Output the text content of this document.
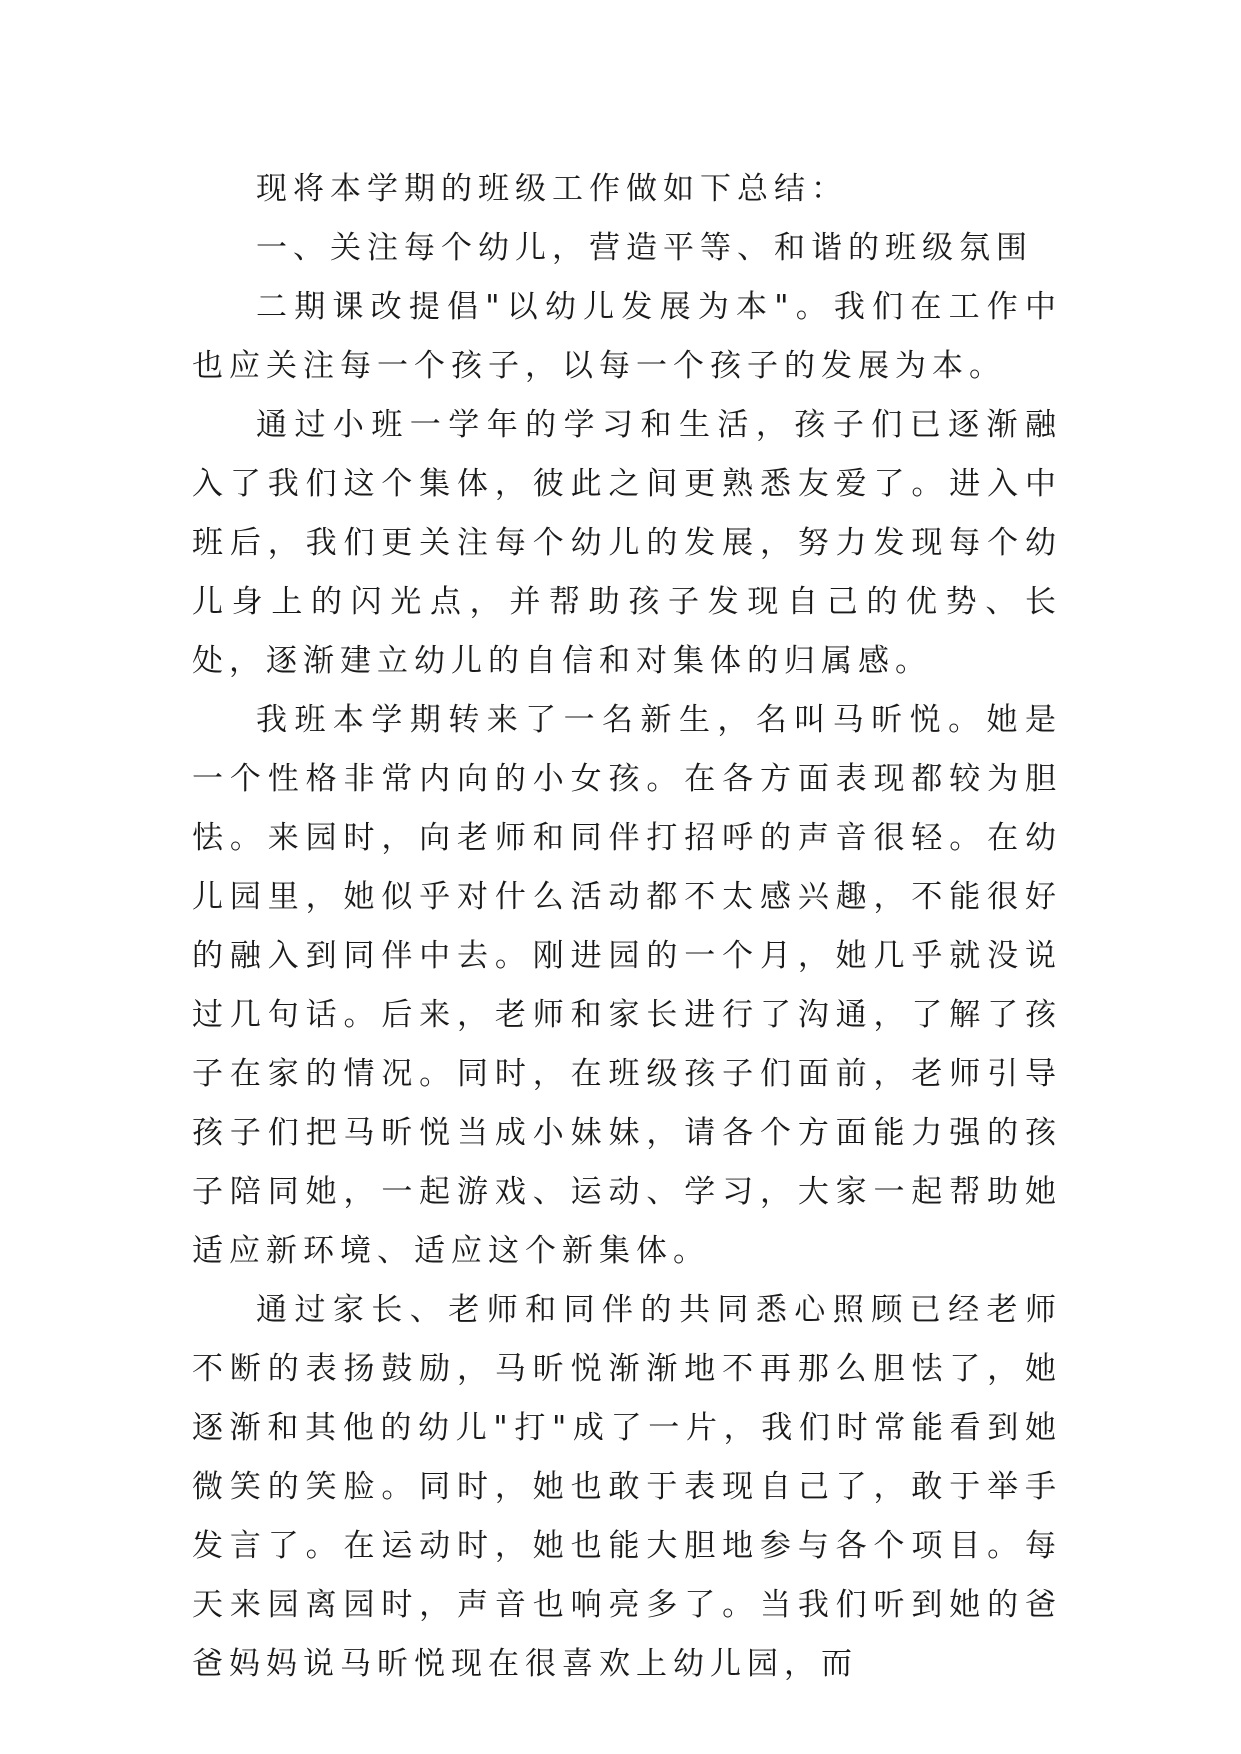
现将本学期的班级工作做如下总结：

一、关注每个幼儿，营造平等、和谐的班级氛围

二期课改提倡"以幼儿发展为本"。我们在工作中也应关注每一个孩子，以每一个孩子的发展为本。

通过小班一学年的学习和生活，孩子们已逐渐融入了我们这个集体，彼此之间更熟悉友爱了。进入中班后，我们更关注每个幼儿的发展，努力发现每个幼儿身上的闪光点，并帮助孩子发现自己的优势、长处，逐渐建立幼儿的自信和对集体的归属感。

我班本学期转来了一名新生，名叫马昕悦。她是一个性格非常内向的小女孩。在各方面表现都较为胆怯。来园时，向老师和同伴打招呼的声音很轻。在幼儿园里，她似乎对什么活动都不太感兴趣，不能很好的融入到同伴中去。刚进园的一个月，她几乎就没说过几句话。后来，老师和家长进行了沟通，了解了孩子在家的情况。同时，在班级孩子们面前，老师引导孩子们把马昕悦当成小妹妹，请各个方面能力强的孩子陪同她，一起游戏、运动、学习，大家一起帮助她适应新环境、适应这个新集体。

通过家长、老师和同伴的共同悉心照顾已经老师不断的表扬鼓励，马昕悦渐渐地不再那么胆怯了，她逐渐和其他的幼儿"打"成了一片，我们时常能看到她微笑的笑脸。同时，她也敢于表现自己了，敢于举手发言了。在运动时，她也能大胆地参与各个项目。每天来园离园时，声音也响亮多了。当我们听到她的爸爸妈妈说马昕悦现在很喜欢上幼儿园，而
